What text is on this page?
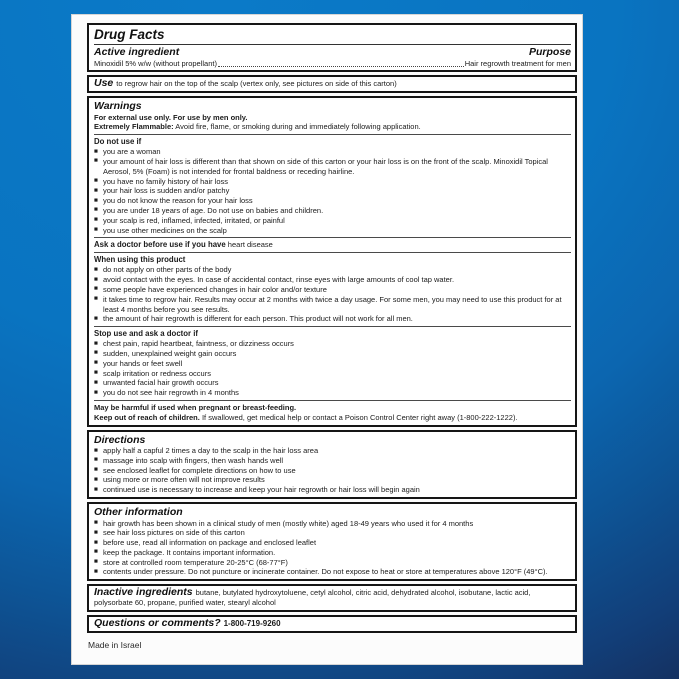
Drug Facts
Active ingredient	Purpose
Minoxidil 5% w/w (without propellant)	Hair regrowth treatment for men
Use to regrow hair on the top of the scalp (vertex only, see pictures on side of this carton)
Warnings
For external use only. For use by men only.
Extremely Flammable: Avoid fire, flame, or smoking during and immediately following application.
Do not use if
■ you are a woman
■ your amount of hair loss is different than that shown on side of this carton or your hair loss is on the front of the scalp. Minoxidil Topical Aerosol, 5% (Foam) is not intended for frontal baldness or receding hairline.
■ you have no family history of hair loss
■ your hair loss is sudden and/or patchy
■ you do not know the reason for your hair loss
■ you are under 18 years of age. Do not use on babies and children.
■ your scalp is red, inflamed, infected, irritated, or painful
■ you use other medicines on the scalp
Ask a doctor before use if you have heart disease
When using this product
■ do not apply on other parts of the body
■ avoid contact with the eyes. In case of accidental contact, rinse eyes with large amounts of cool tap water.
■ some people have experienced changes in hair color and/or texture
■ it takes time to regrow hair. Results may occur at 2 months with twice a day usage. For some men, you may need to use this product for at least 4 months before you see results.
■ the amount of hair regrowth is different for each person. This product will not work for all men.
Stop use and ask a doctor if
■ chest pain, rapid heartbeat, faintness, or dizziness occurs
■ sudden, unexplained weight gain occurs
■ your hands or feet swell
■ scalp irritation or redness occurs
■ unwanted facial hair growth occurs
■ you do not see hair regrowth in 4 months
May be harmful if used when pregnant or breast-feeding.
Keep out of reach of children. If swallowed, get medical help or contact a Poison Control Center right away (1-800-222-1222).
Directions
■ apply half a capful 2 times a day to the scalp in the hair loss area
■ massage into scalp with fingers, then wash hands well
■ see enclosed leaflet for complete directions on how to use
■ using more or more often will not improve results
■ continued use is necessary to increase and keep your hair regrowth or hair loss will begin again
Other information
■ hair growth has been shown in a clinical study of men (mostly white) aged 18-49 years who used it for 4 months
■ see hair loss pictures on side of this carton
■ before use, read all information on package and enclosed leaflet
■ keep the package. It contains important information.
■ store at controlled room temperature 20-25°C (68-77°F)
■ contents under pressure. Do not puncture or incinerate container. Do not expose to heat or store at temperatures above 120°F (49°C).
Inactive ingredients butane, butylated hydroxytoluene, cetyl alcohol, citric acid, dehydrated alcohol, isobutane, lactic acid, polysorbate 60, propane, purified water, stearyl alcohol
Questions or comments? 1-800-719-9260
Made in Israel
